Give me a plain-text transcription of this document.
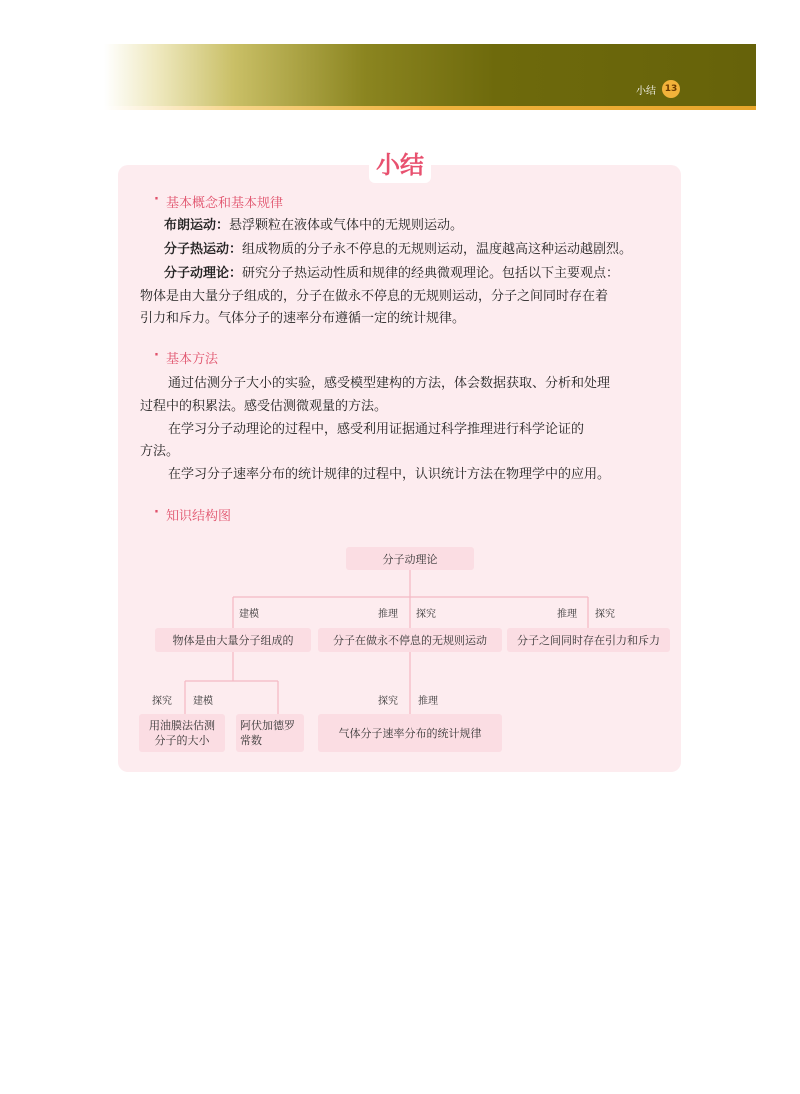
小结 13
小结
· 基本概念和基本规律
布朗运动：悬浮颗粒在液体或气体中的无规则运动。
分子热运动：组成物质的分子永不停息的无规则运动，温度越高这种运动越剧烈。
分子动理论：研究分子热运动性质和规律的经典微观理论。包括以下主要观点：
物体是由大量分子组成的，分子在做永不停息的无规则运动，分子之间同时存在着
引力和斥力。气体分子的速率分布遵循一定的统计规律。
· 基本方法
通过估测分子大小的实验，感受模型建构的方法，体会数据获取、分析和处理
过程中的积累法。感受估测微观量的方法。
在学习分子动理论的过程中，感受利用证据通过科学推理进行科学论证的
方法。
在学习分子速率分布的统计规律的过程中，认识统计方法在物理学中的应用。
· 知识结构图
分子动理论
建模	推理 探究	推理 探究
物体是由大量分子组成的	分子在做永不停息的无规则运动	分子之间同时存在引力和斥力
探究 建模	探究 推理
用油膜法估测
分子的大小
阿伏加德罗
常数
气体分子速率分布的统计规律
